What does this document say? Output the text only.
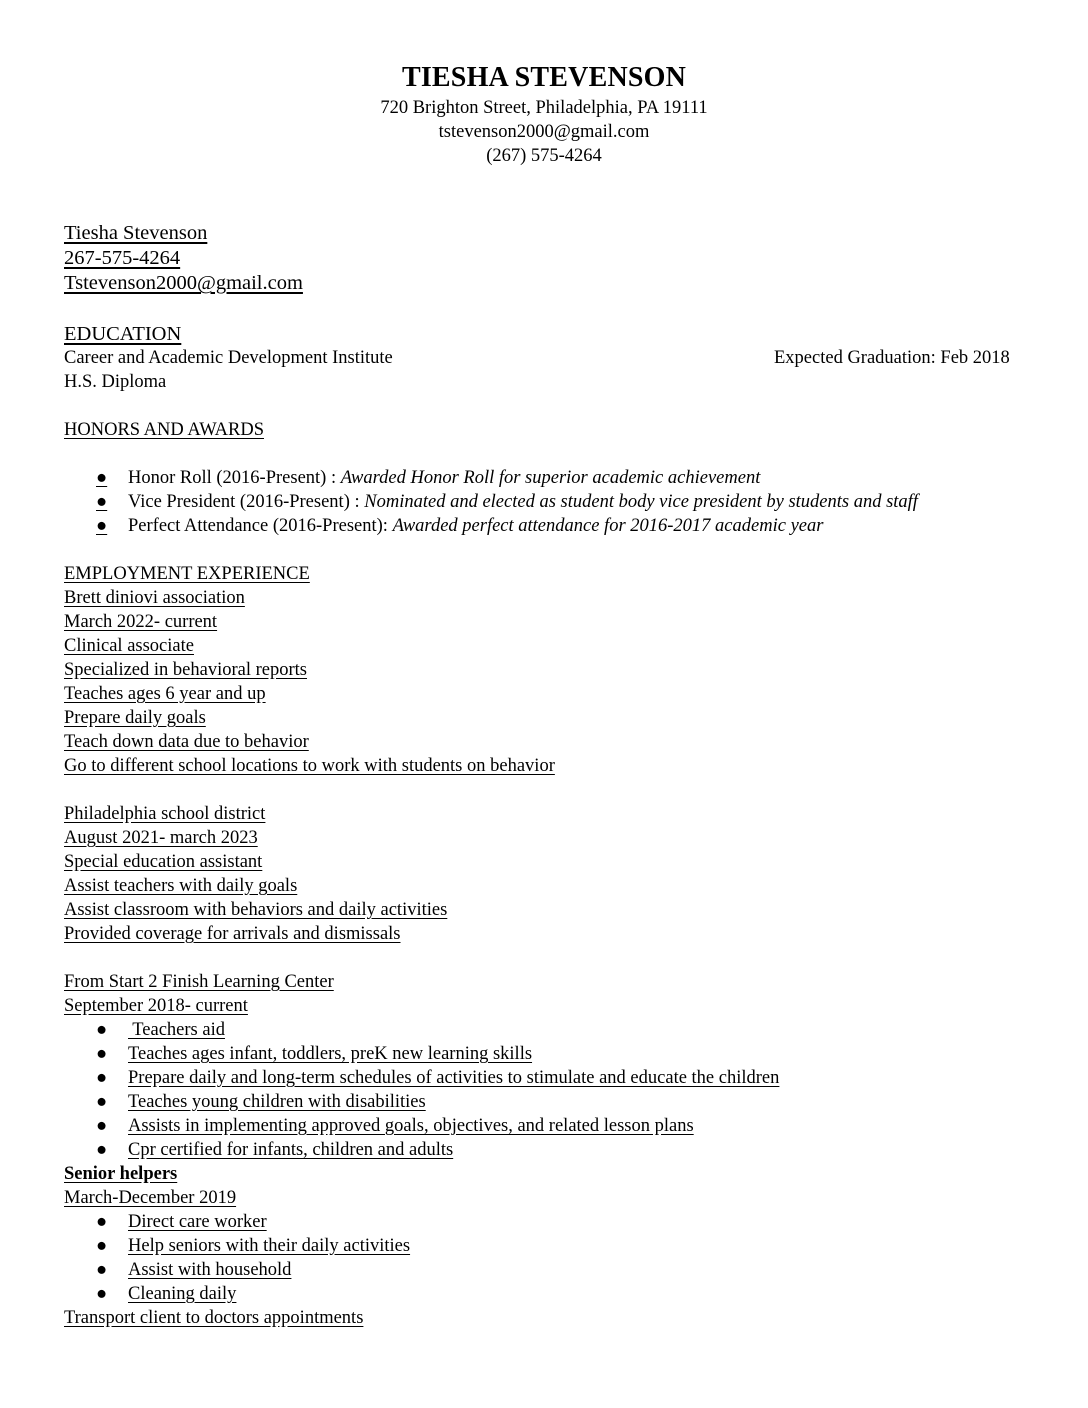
TIESHA STEVENSON
720 Brighton Street, Philadelphia, PA 19111
tstevenson2000@gmail.com
(267) 575-4264
Tiesha Stevenson
267-575-4264
Tstevenson2000@gmail.com
EDUCATION
Career and Academic Development Institute	Expected Graduation: Feb 2018
H.S. Diploma
HONORS AND AWARDS
● Honor Roll (2016-Present) : Awarded Honor Roll for superior academic achievement
● Vice President (2016-Present) : Nominated and elected as student body vice president by students and staff
● Perfect Attendance (2016-Present): Awarded perfect attendance for 2016-2017 academic year
EMPLOYMENT EXPERIENCE
Brett diniovi association
March 2022- current
Clinical associate
Specialized in behavioral reports
Teaches ages 6 year and up
Prepare daily goals
Teach down data due to behavior
Go to different school locations to work with students on behavior
Philadelphia school district
August 2021- march 2023
Special education assistant
Assist teachers with daily goals
Assist classroom with behaviors and daily activities
Provided coverage for arrivals and dismissals
From Start 2 Finish Learning Center
September 2018- current
● Teachers aid
● Teaches ages infant, toddlers, preK new learning skills
● Prepare daily and long-term schedules of activities to stimulate and educate the children
● Teaches young children with disabilities
● Assists in implementing approved goals, objectives, and related lesson plans
● Cpr certified for infants, children and adults
Senior helpers
March-December 2019
● Direct care worker
● Help seniors with their daily activities
● Assist with household
● Cleaning daily
Transport client to doctors appointments
